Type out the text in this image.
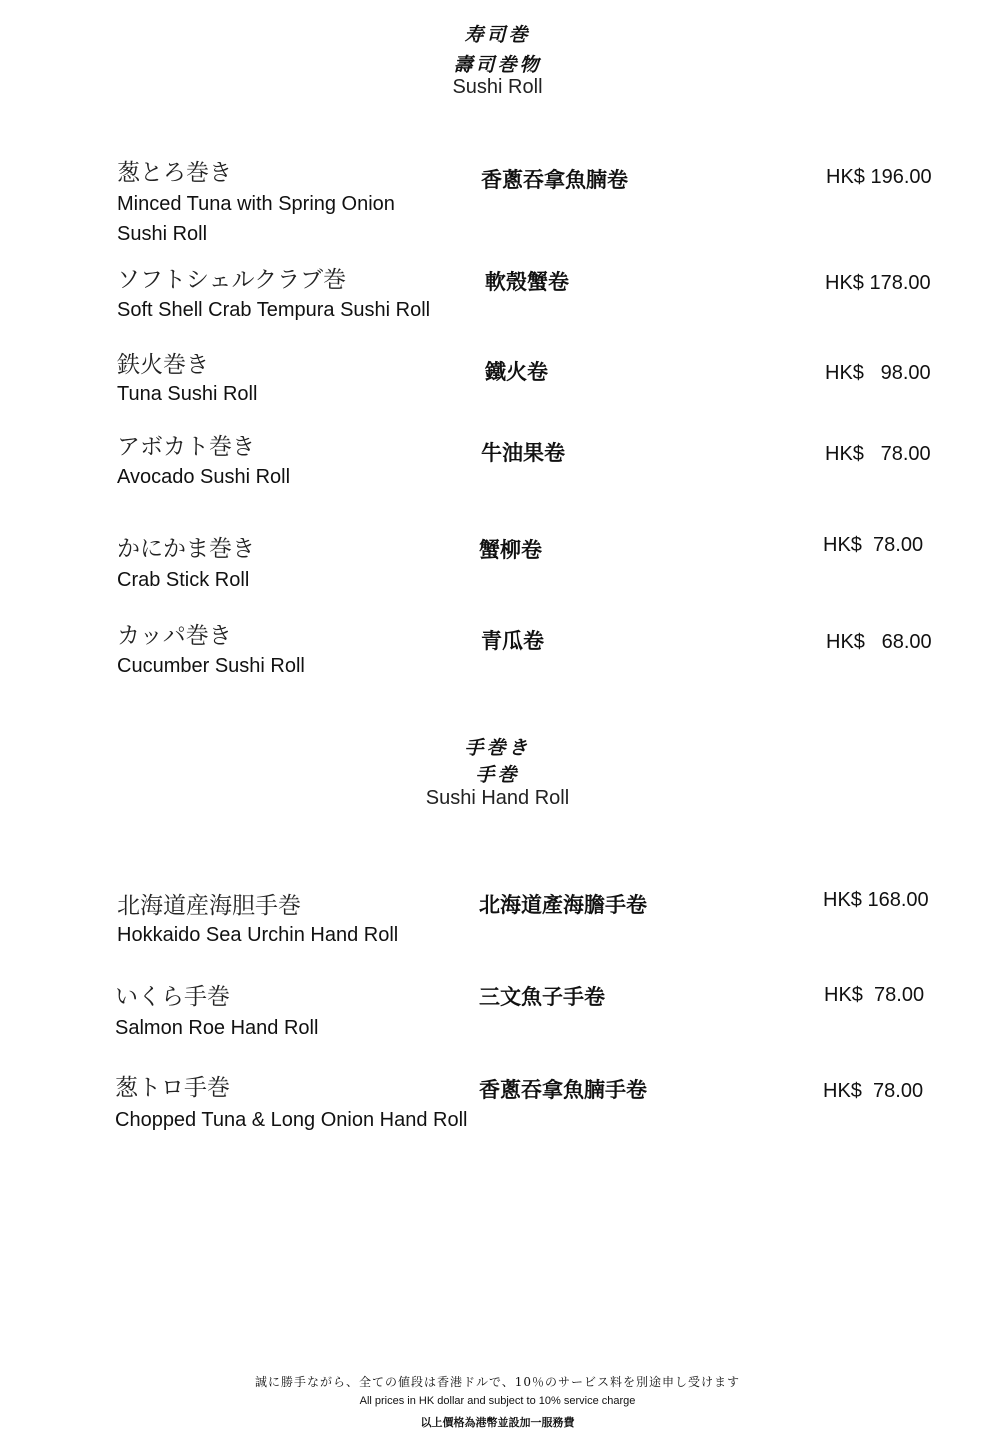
寿司巻
壽司巻物
Sushi Roll
葱とろ巻き
Minced Tuna with Spring Onion
Sushi Roll
香蔥吞拿魚腩卷	HK$ 196.00
ソフトシェルクラブ巻
Soft Shell Crab Tempura Sushi Roll
軟殼蟹卷	HK$ 178.00
鉄火巻き
Tuna Sushi Roll
鐵火卷	HK$   98.00
アボカト巻き
Avocado Sushi Roll
牛油果卷	HK$   78.00
かにかま巻き
Crab Stick Roll
蟹柳卷	HK$  78.00
カッパ巻き
Cucumber Sushi Roll
青瓜卷	HK$   68.00
手巻き
手巻
Sushi Hand Roll
北海道産海胆手巻
Hokkaido Sea Urchin Hand Roll
北海道產海膽手卷	HK$ 168.00
いくら手巻
Salmon Roe Hand Roll
三文魚子手卷	HK$  78.00
葱トロ手巻
Chopped Tuna & Long Onion Hand Roll
香蔥吞拿魚腩手卷	HK$  78.00
誠に勝手ながら、全ての値段は香港ドルで、10％のサービス料を別途申し受けます
All prices in HK dollar and subject to 10% service charge
以上價格為港幣並設加一服務費
